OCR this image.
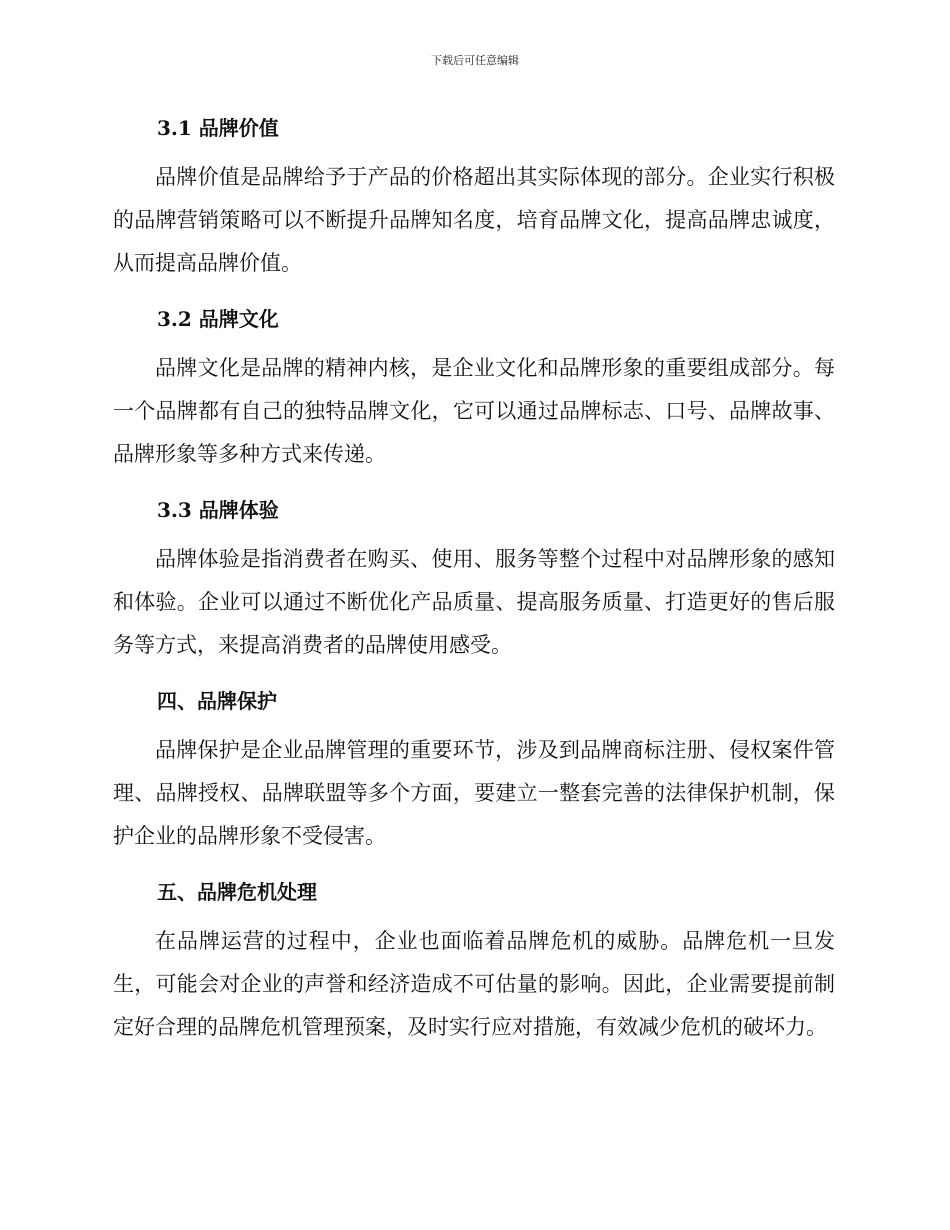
下载后可任意编辑
3.1 品牌价值

品牌价值是品牌给予于产品的价格超出其实际体现的部分。企业实行积极的品牌营销策略可以不断提升品牌知名度，培育品牌文化，提高品牌忠诚度，从而提高品牌价值。

3.2 品牌文化

品牌文化是品牌的精神内核，是企业文化和品牌形象的重要组成部分。每一个品牌都有自己的独特品牌文化，它可以通过品牌标志、口号、品牌故事、品牌形象等多种方式来传递。

3.3 品牌体验

品牌体验是指消费者在购买、使用、服务等整个过程中对品牌形象的感知和体验。企业可以通过不断优化产品质量、提高服务质量、打造更好的售后服务等方式，来提高消费者的品牌使用感受。

四、品牌保护

品牌保护是企业品牌管理的重要环节，涉及到品牌商标注册、侵权案件管理、品牌授权、品牌联盟等多个方面，要建立一整套完善的法律保护机制，保护企业的品牌形象不受侵害。

五、品牌危机处理

在品牌运营的过程中，企业也面临着品牌危机的威胁。品牌危机一旦发生，可能会对企业的声誉和经济造成不可估量的影响。因此，企业需要提前制定好合理的品牌危机管理预案，及时实行应对措施，有效减少危机的破坏力。
